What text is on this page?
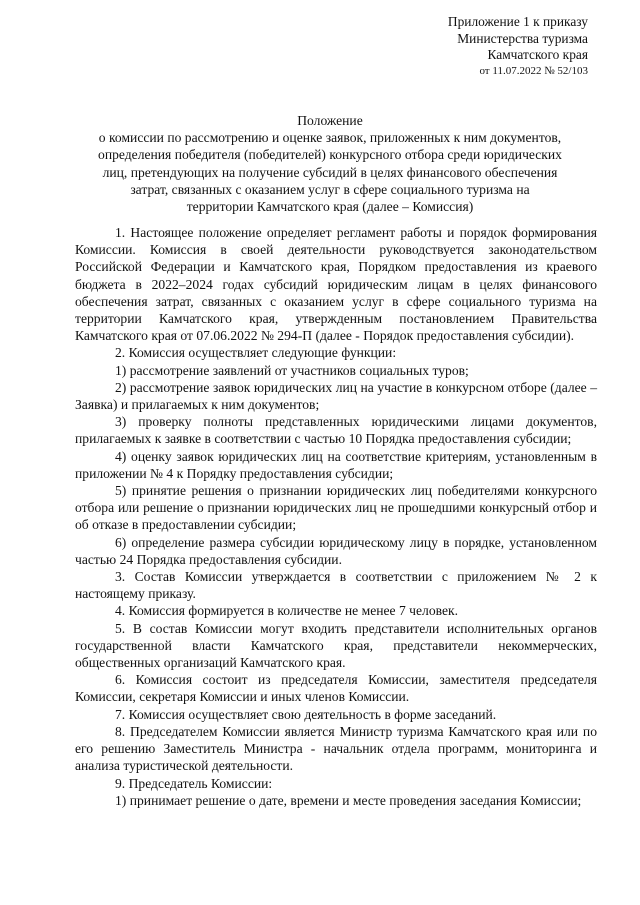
Приложение 1 к приказу
Министерства туризма
Камчатского края
от 11.07.2022 № 52/103
Положение
о комиссии по рассмотрению и оценке заявок, приложенных к ним документов,
определения победителя (победителей) конкурсного отбора среди юридических
лиц, претендующих на получение субсидий в целях финансового обеспечения
затрат, связанных с оказанием услуг в сфере социального туризма на
территории Камчатского края (далее – Комиссия)

1. Настоящее положение определяет регламент работы и порядок формирования Комиссии. Комиссия в своей деятельности руководствуется законодательством Российской Федерации и Камчатского края, Порядком предоставления из краевого бюджета в 2022–2024 годах субсидий юридическим лицам в целях финансового обеспечения затрат, связанных с оказанием услуг в сфере социального туризма на территории Камчатского края, утвержденным постановлением Правительства Камчатского края от 07.06.2022 № 294-П (далее - Порядок предоставления субсидии).

2. Комиссия осуществляет следующие функции:

1) рассмотрение заявлений от участников социальных туров;

2) рассмотрение заявок юридических лиц на участие в конкурсном отборе (далее – Заявка) и прилагаемых к ним документов;

3) проверку полноты представленных юридическими лицами документов, прилагаемых к заявке в соответствии с частью 10 Порядка предоставления субсидии;

4) оценку заявок юридических лиц на соответствие критериям, установленным в приложении № 4 к Порядку предоставления субсидии;

5) принятие решения о признании юридических лиц победителями конкурсного отбора или решение о признании юридических лиц не прошедшими конкурсный отбор и об отказе в предоставлении субсидии;

6) определение размера субсидии юридическому лицу в порядке, установленном частью 24 Порядка предоставления субсидии.

3. Состав Комиссии утверждается в соответствии с приложением № 2 к настоящему приказу.

4. Комиссия формируется в количестве не менее 7 человек.

5. В состав Комиссии могут входить представители исполнительных органов государственной власти Камчатского края, представители некоммерческих, общественных организаций Камчатского края.

6. Комиссия состоит из председателя Комиссии, заместителя председателя Комиссии, секретаря Комиссии и иных членов Комиссии.

7. Комиссия осуществляет свою деятельность в форме заседаний.

8. Председателем Комиссии является Министр туризма Камчатского края или по его решению Заместитель Министра - начальник отдела программ, мониторинга и анализа туристической деятельности.

9. Председатель Комиссии:

1) принимает решение о дате, времени и месте проведения заседания Комиссии;
